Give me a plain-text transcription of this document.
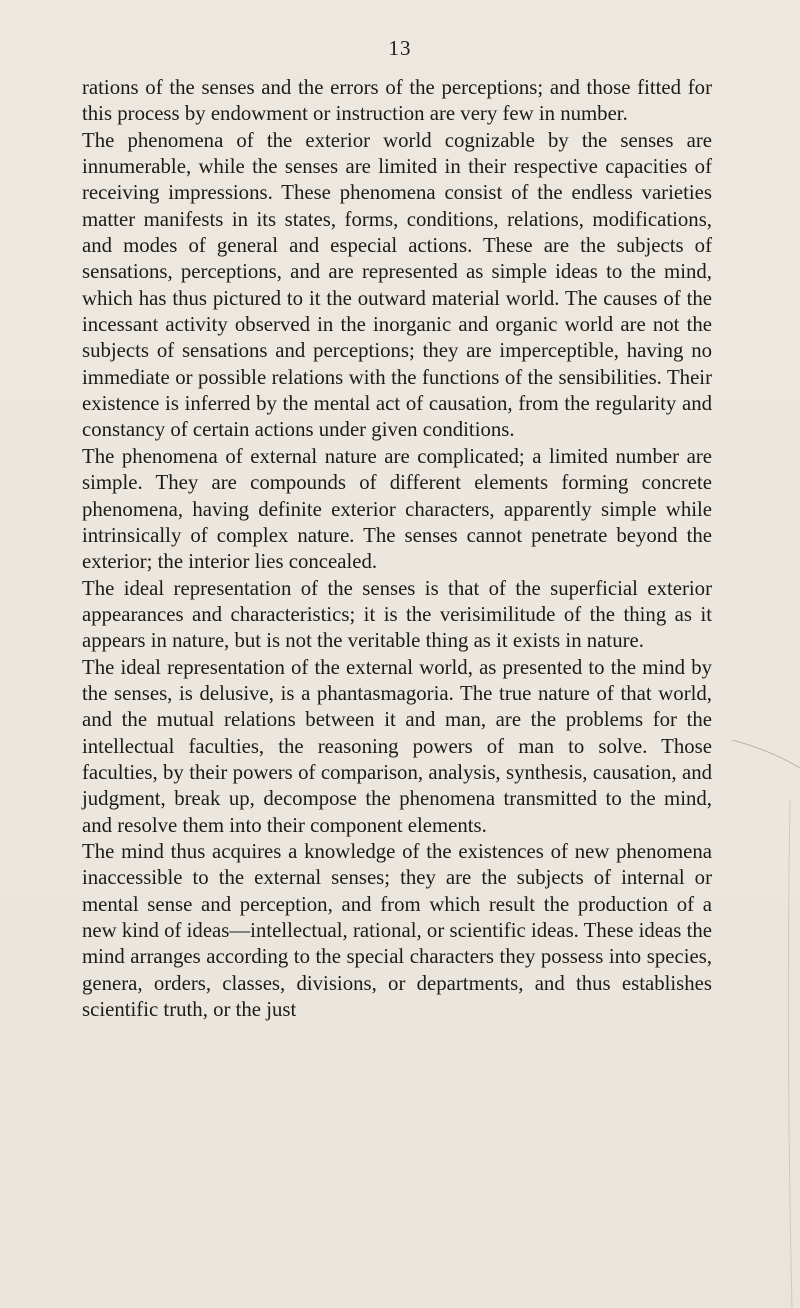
13

rations of the senses and the errors of the perceptions; and those fitted for this process by endowment or instruction are very few in number.

The phenomena of the exterior world cognizable by the senses are innumerable, while the senses are limited in their respective capacities of receiving impressions. These phenomena consist of the endless varieties matter manifests in its states, forms, conditions, relations, modifications, and modes of general and especial actions. These are the subjects of sensations, perceptions, and are represented as simple ideas to the mind, which has thus pictured to it the outward material world. The causes of the incessant activity observed in the inorganic and organic world are not the subjects of sensations and perceptions; they are imperceptible, having no immediate or possible relations with the functions of the sensibilities. Their existence is inferred by the mental act of causation, from the regularity and constancy of certain actions under given conditions.

The phenomena of external nature are complicated; a limited number are simple. They are compounds of different elements forming concrete phenomena, having definite exterior characters, apparently simple while intrinsically of complex nature. The senses cannot penetrate beyond the exterior; the interior lies concealed.

The ideal representation of the senses is that of the superficial exterior appearances and characteristics; it is the verisimilitude of the thing as it appears in nature, but is not the veritable thing as it exists in nature.

The ideal representation of the external world, as presented to the mind by the senses, is delusive, is a phantasmagoria. The true nature of that world, and the mutual relations between it and man, are the problems for the intellectual faculties, the reasoning powers of man to solve. Those faculties, by their powers of comparison, analysis, synthesis, causation, and judgment, break up, decompose the phenomena transmitted to the mind, and resolve them into their component elements.

The mind thus acquires a knowledge of the existences of new phenomena inaccessible to the external senses; they are the subjects of internal or mental sense and perception, and from which result the production of a new kind of ideas—intellectual, rational, or scientific ideas. These ideas the mind arranges according to the special characters they possess into species, genera, orders, classes, divisions, or departments, and thus establishes scientific truth, or the just
